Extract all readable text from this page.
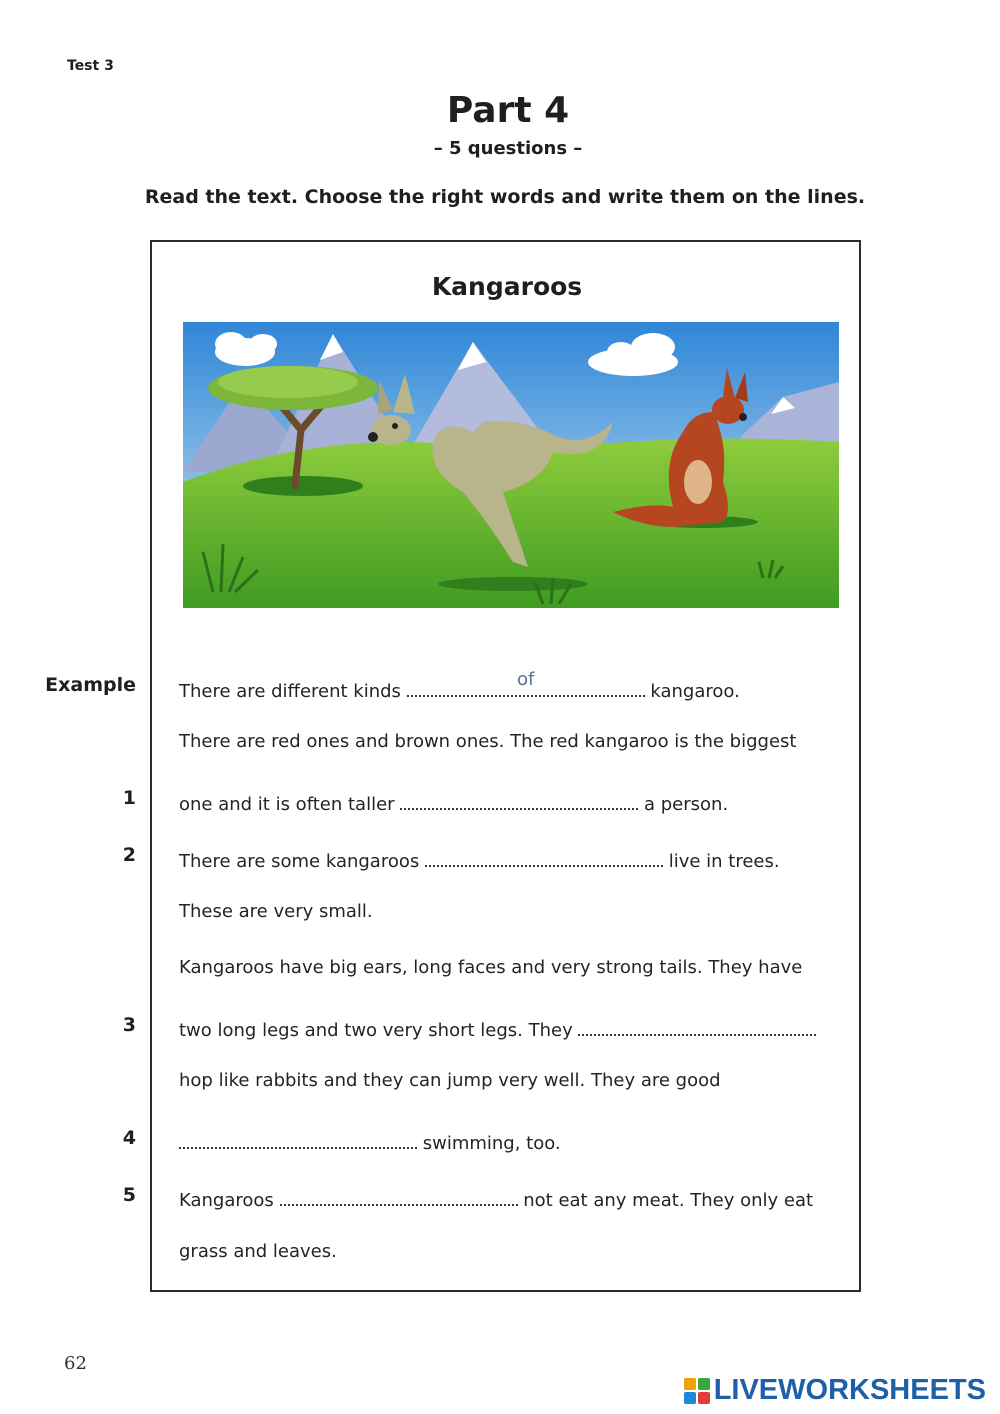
Test 3
Part 4
– 5 questions –
Read the text. Choose the right words and write them on the lines.
Kangaroos
Example
1
2
3
4
5
There are different kinds
of
kangaroo.
There are red ones and brown ones. The red kangaroo is the biggest
one and it is often taller	a person.
There are some kangaroos	live in trees.
These are very small.
Kangaroos have big ears, long faces and very strong tails. They have
two long legs and two very short legs. They
hop like rabbits and they can jump very well. They are good
swimming, too.
Kangaroos	not eat any meat. They only eat
grass and leaves.
62
LIVEWORKSHEETS
